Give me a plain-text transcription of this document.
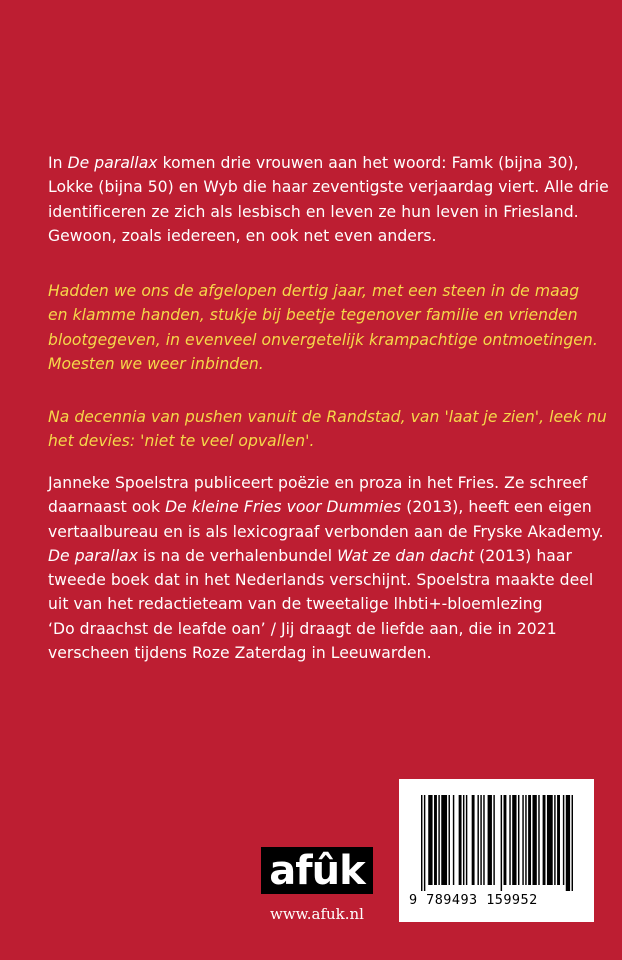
In De parallax komen drie vrouwen aan het woord: Famk (bijna 30),
Lokke (bijna 50) en Wyb die haar zeventigste verjaardag viert. Alle drie
identificeren ze zich als lesbisch en leven ze hun leven in Friesland.
Gewoon, zoals iedereen, en ook net even anders.
Hadden we ons de afgelopen dertig jaar, met een steen in de maag
en klamme handen, stukje bij beetje tegenover familie en vrienden
blootgegeven, in evenveel onvergetelijk krampachtige ontmoetingen.
Moesten we weer inbinden.
Na decennia van pushen vanuit de Randstad, van 'laat je zien', leek nu
het devies: 'niet te veel opvallen'.
Janneke Spoelstra publiceert poëzie en proza in het Fries. Ze schreef
daarnaast ook De kleine Fries voor Dummies (2013), heeft een eigen
vertaalbureau en is als lexicograaf verbonden aan de Fryske Akademy.
De parallax is na de verhalenbundel Wat ze dan dacht (2013) haar
tweede boek dat in het Nederlands verschijnt. Spoelstra maakte deel
uit van het redactieteam van de tweetalige lhbti+-bloemlezing
‘Do draachst de leafde oan’ / Jij draagt de liefde aan, die in 2021
verscheen tijdens Roze Zaterdag in Leeuwarden.
afûk
www.afuk.nl
9 789493 159952
